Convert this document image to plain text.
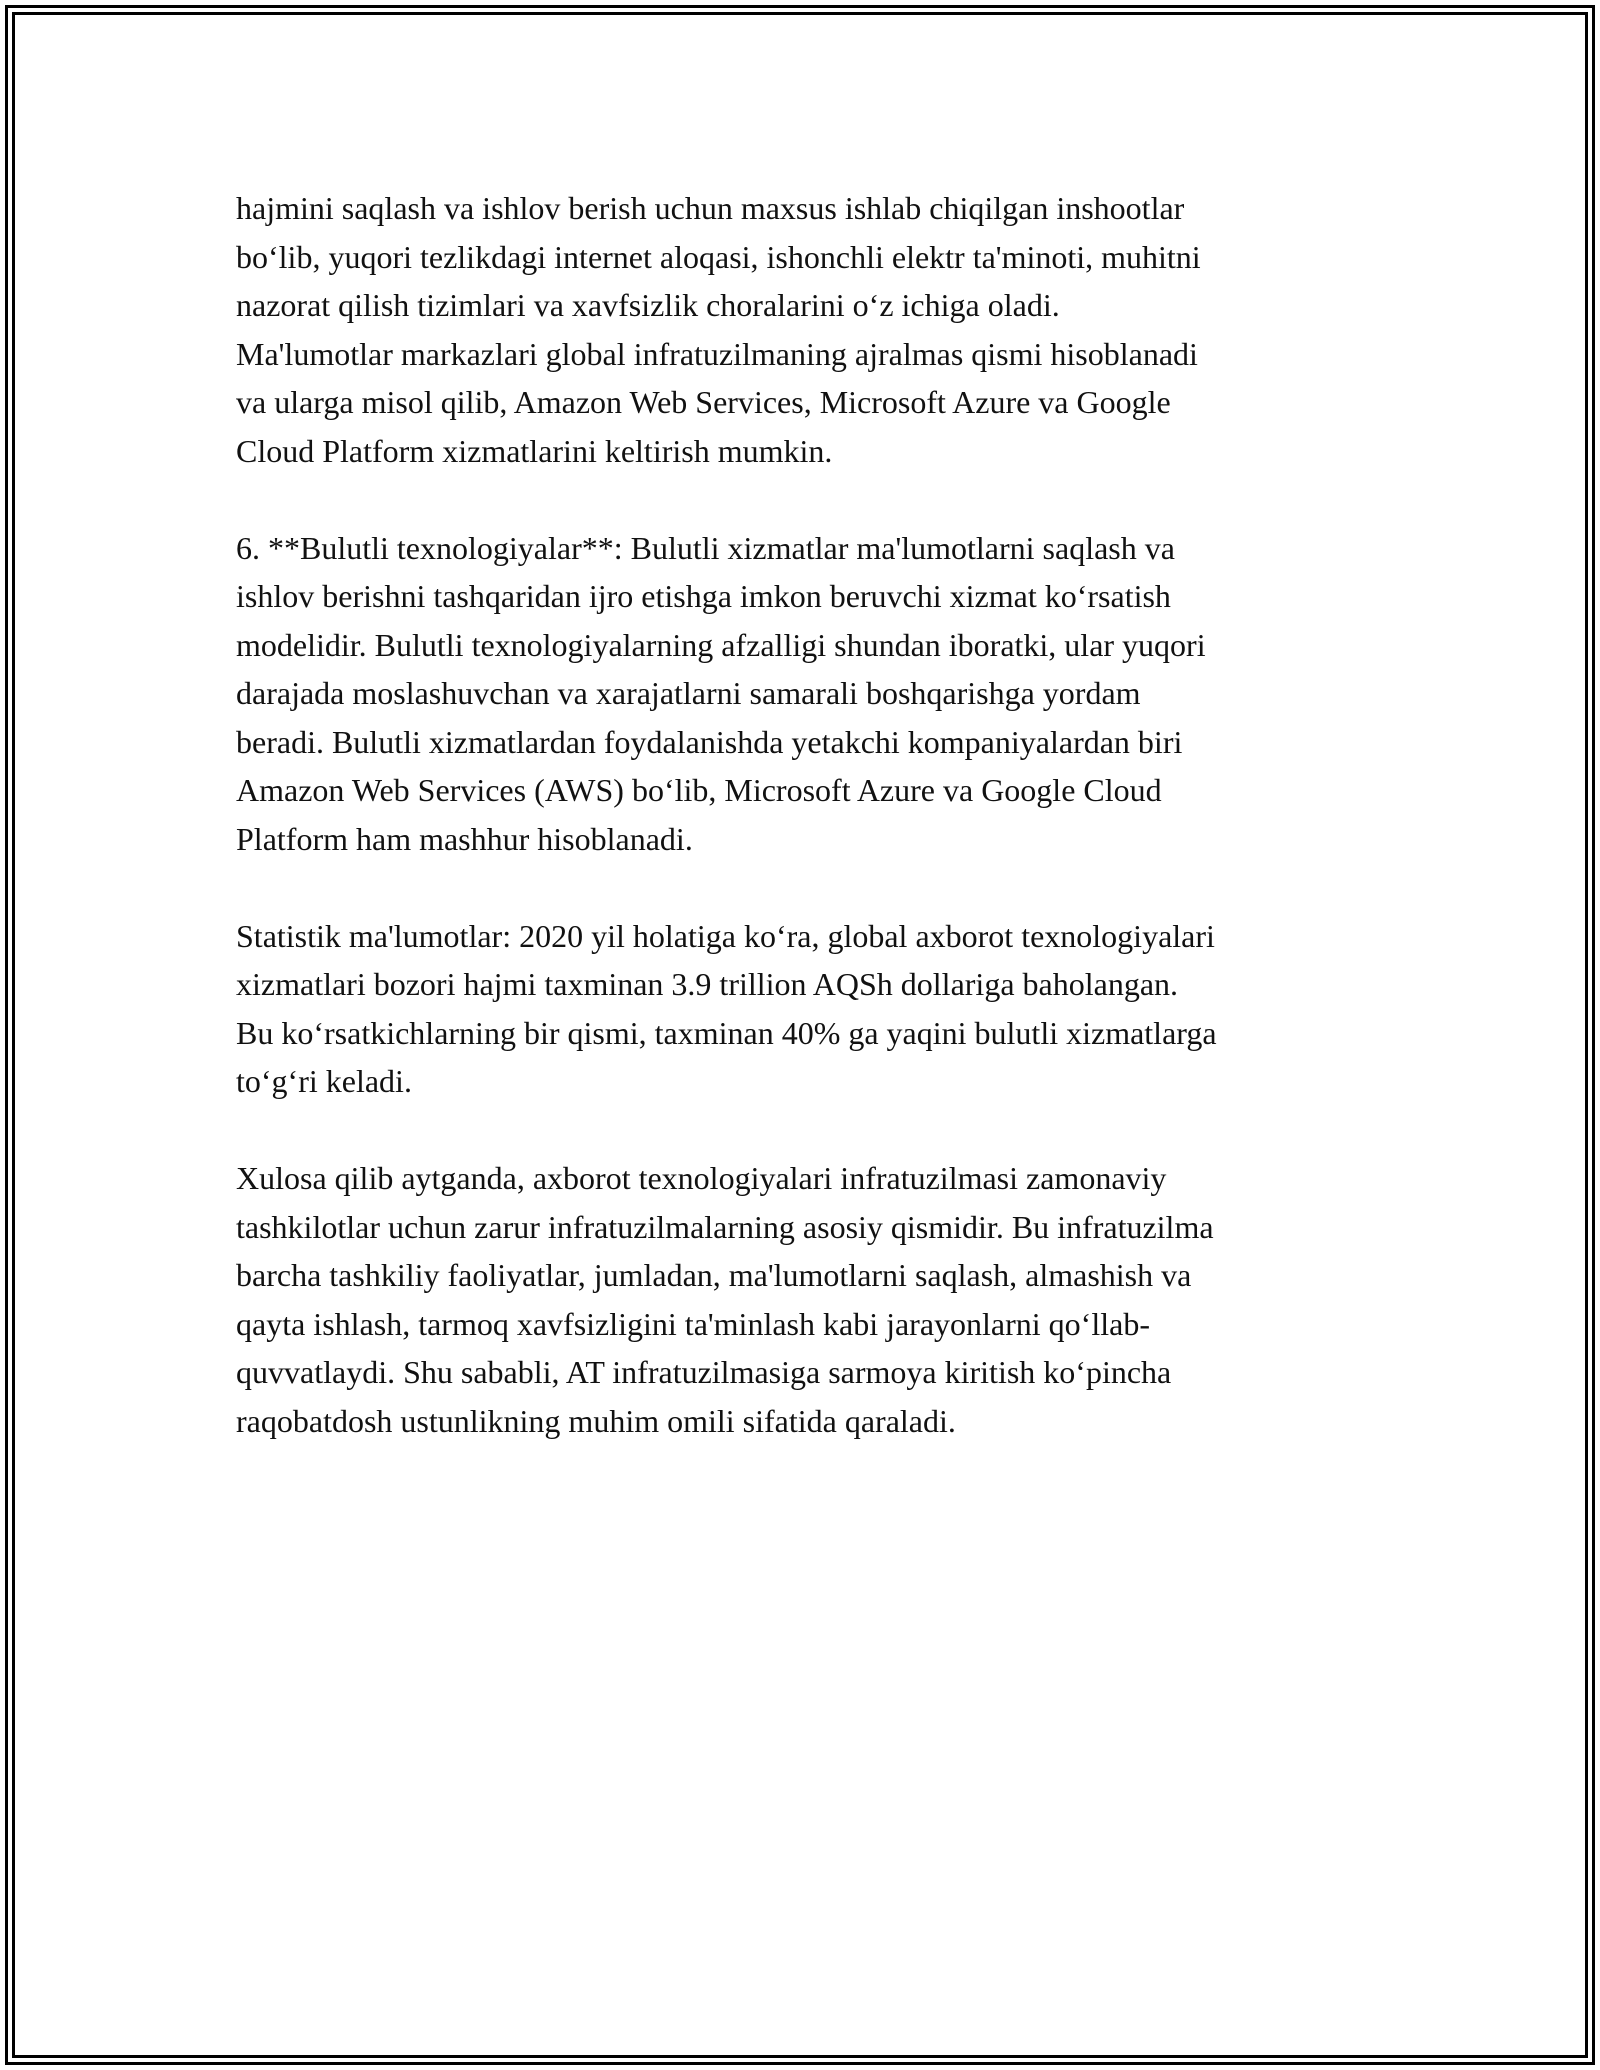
hajmini saqlash va ishlov berish uchun maxsus ishlab chiqilgan inshootlar
bo‘lib, yuqori tezlikdagi internet aloqasi, ishonchli elektr ta'minoti, muhitni
nazorat qilish tizimlari va xavfsizlik choralarini o‘z ichiga oladi.
Ma'lumotlar markazlari global infratuzilmaning ajralmas qismi hisoblanadi
va ularga misol qilib, Amazon Web Services, Microsoft Azure va Google
Cloud Platform xizmatlarini keltirish mumkin.

6. **Bulutli texnologiyalar**: Bulutli xizmatlar ma'lumotlarni saqlash va
ishlov berishni tashqaridan ijro etishga imkon beruvchi xizmat ko‘rsatish
modelidir. Bulutli texnologiyalarning afzalligi shundan iboratki, ular yuqori
darajada moslashuvchan va xarajatlarni samarali boshqarishga yordam
beradi. Bulutli xizmatlardan foydalanishda yetakchi kompaniyalardan biri
Amazon Web Services (AWS) bo‘lib, Microsoft Azure va Google Cloud
Platform ham mashhur hisoblanadi.

Statistik ma'lumotlar: 2020 yil holatiga ko‘ra, global axborot texnologiyalari
xizmatlari bozori hajmi taxminan 3.9 trillion AQSh dollariga baholangan.
Bu ko‘rsatkichlarning bir qismi, taxminan 40% ga yaqini bulutli xizmatlarga
to‘g‘ri keladi.

Xulosa qilib aytganda, axborot texnologiyalari infratuzilmasi zamonaviy
tashkilotlar uchun zarur infratuzilmalarning asosiy qismidir. Bu infratuzilma
barcha tashkiliy faoliyatlar, jumladan, ma'lumotlarni saqlash, almashish va
qayta ishlash, tarmoq xavfsizligini ta'minlash kabi jarayonlarni qo‘llab-
quvvatlaydi. Shu sababli, AT infratuzilmasiga sarmoya kiritish ko‘pincha
raqobatdosh ustunlikning muhim omili sifatida qaraladi.
